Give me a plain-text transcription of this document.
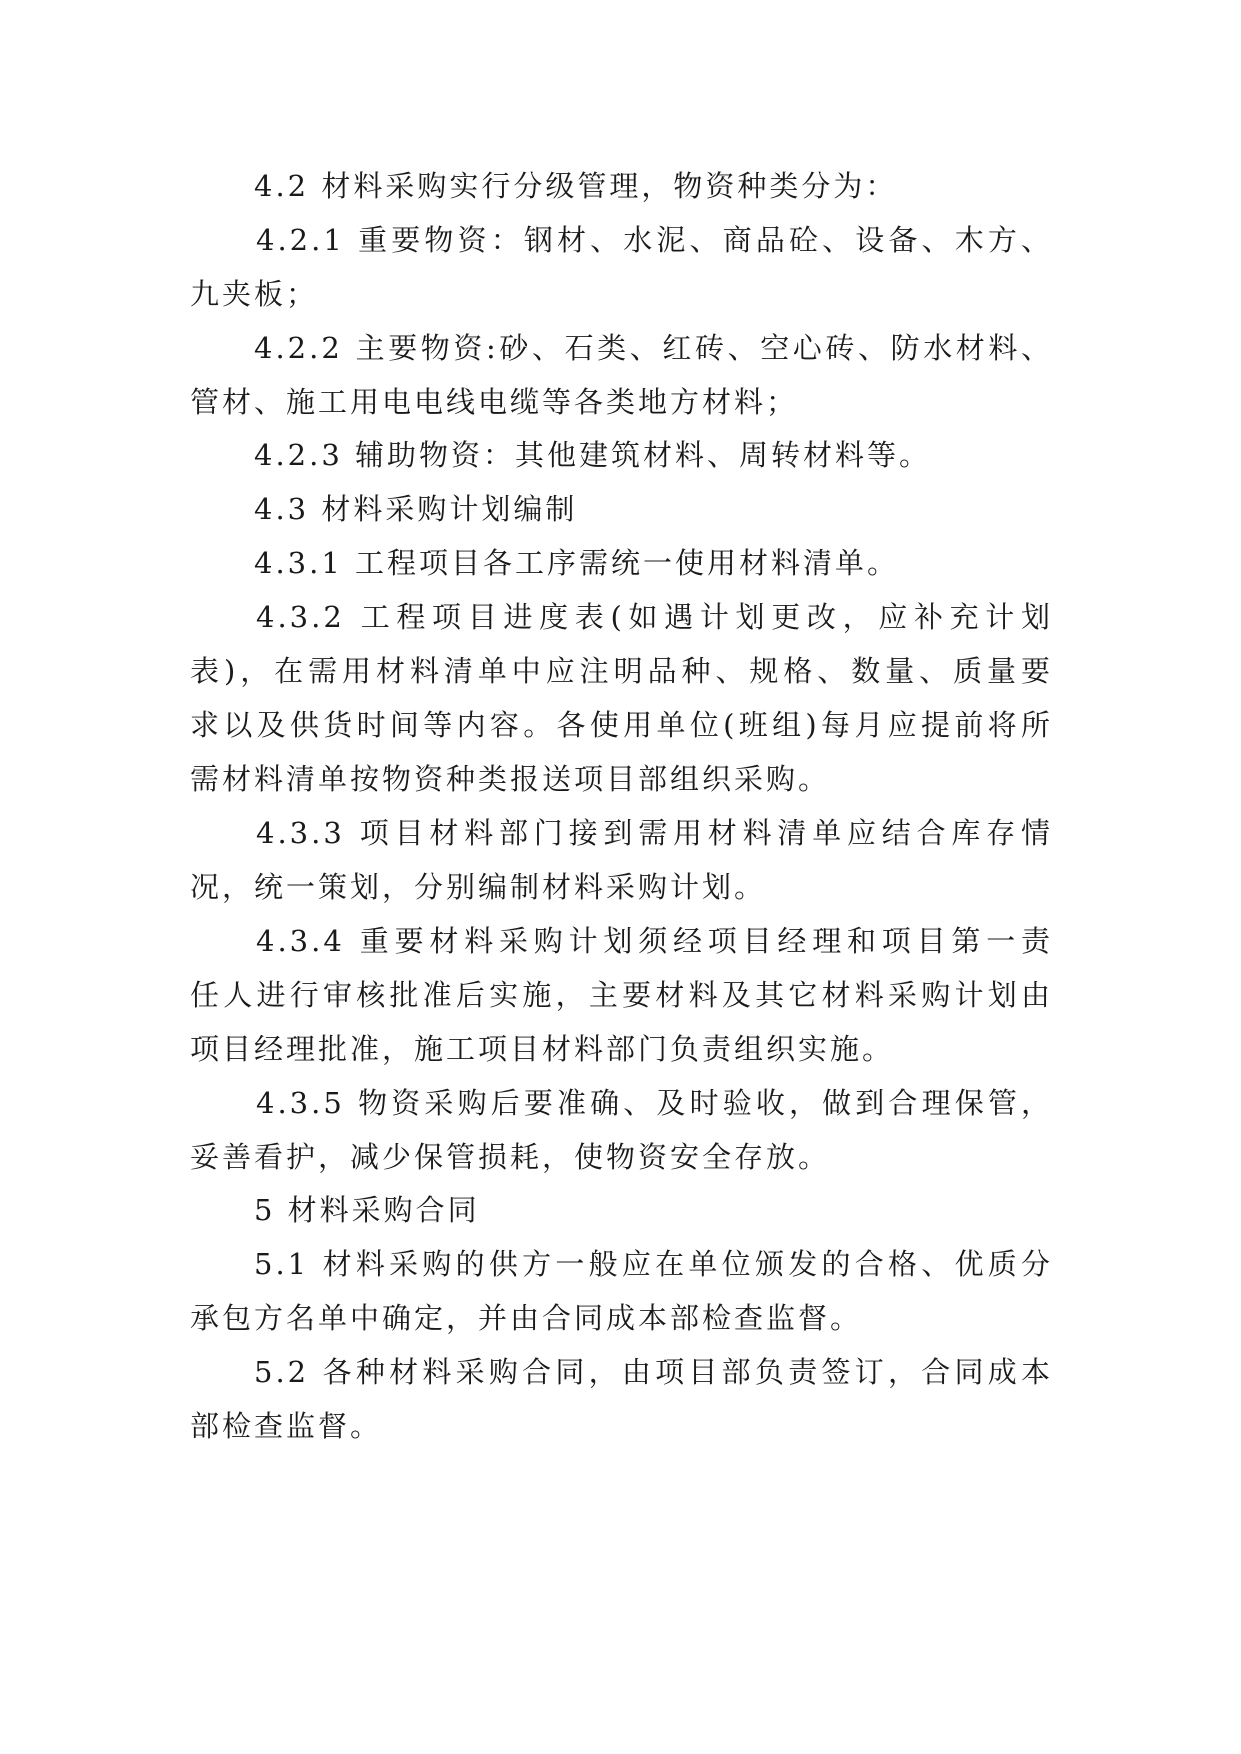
4.2 材料采购实行分级管理，物资种类分为：
4.2.1 重要物资：钢材、水泥、商品砼、设备、木方、
九夹板；
4.2.2 主要物资:砂、石类、红砖、空心砖、防水材料、
管材、施工用电电线电缆等各类地方材料；
4.2.3 辅助物资：其他建筑材料、周转材料等。
4.3 材料采购计划编制
4.3.1 工程项目各工序需统一使用材料清单。
4.3.2 工程项目进度表(如遇计划更改，应补充计划
表)，在需用材料清单中应注明品种、规格、数量、质量要
求以及供货时间等内容。各使用单位(班组)每月应提前将所
需材料清单按物资种类报送项目部组织采购。
4.3.3 项目材料部门接到需用材料清单应结合库存情
况，统一策划，分别编制材料采购计划。
4.3.4 重要材料采购计划须经项目经理和项目第一责
任人进行审核批准后实施，主要材料及其它材料采购计划由
项目经理批准，施工项目材料部门负责组织实施。
4.3.5 物资采购后要准确、及时验收，做到合理保管，
妥善看护，减少保管损耗，使物资安全存放。
5 材料采购合同
5.1 材料采购的供方一般应在单位颁发的合格、优质分
承包方名单中确定，并由合同成本部检查监督。
5.2 各种材料采购合同，由项目部负责签订，合同成本
部检查监督。
